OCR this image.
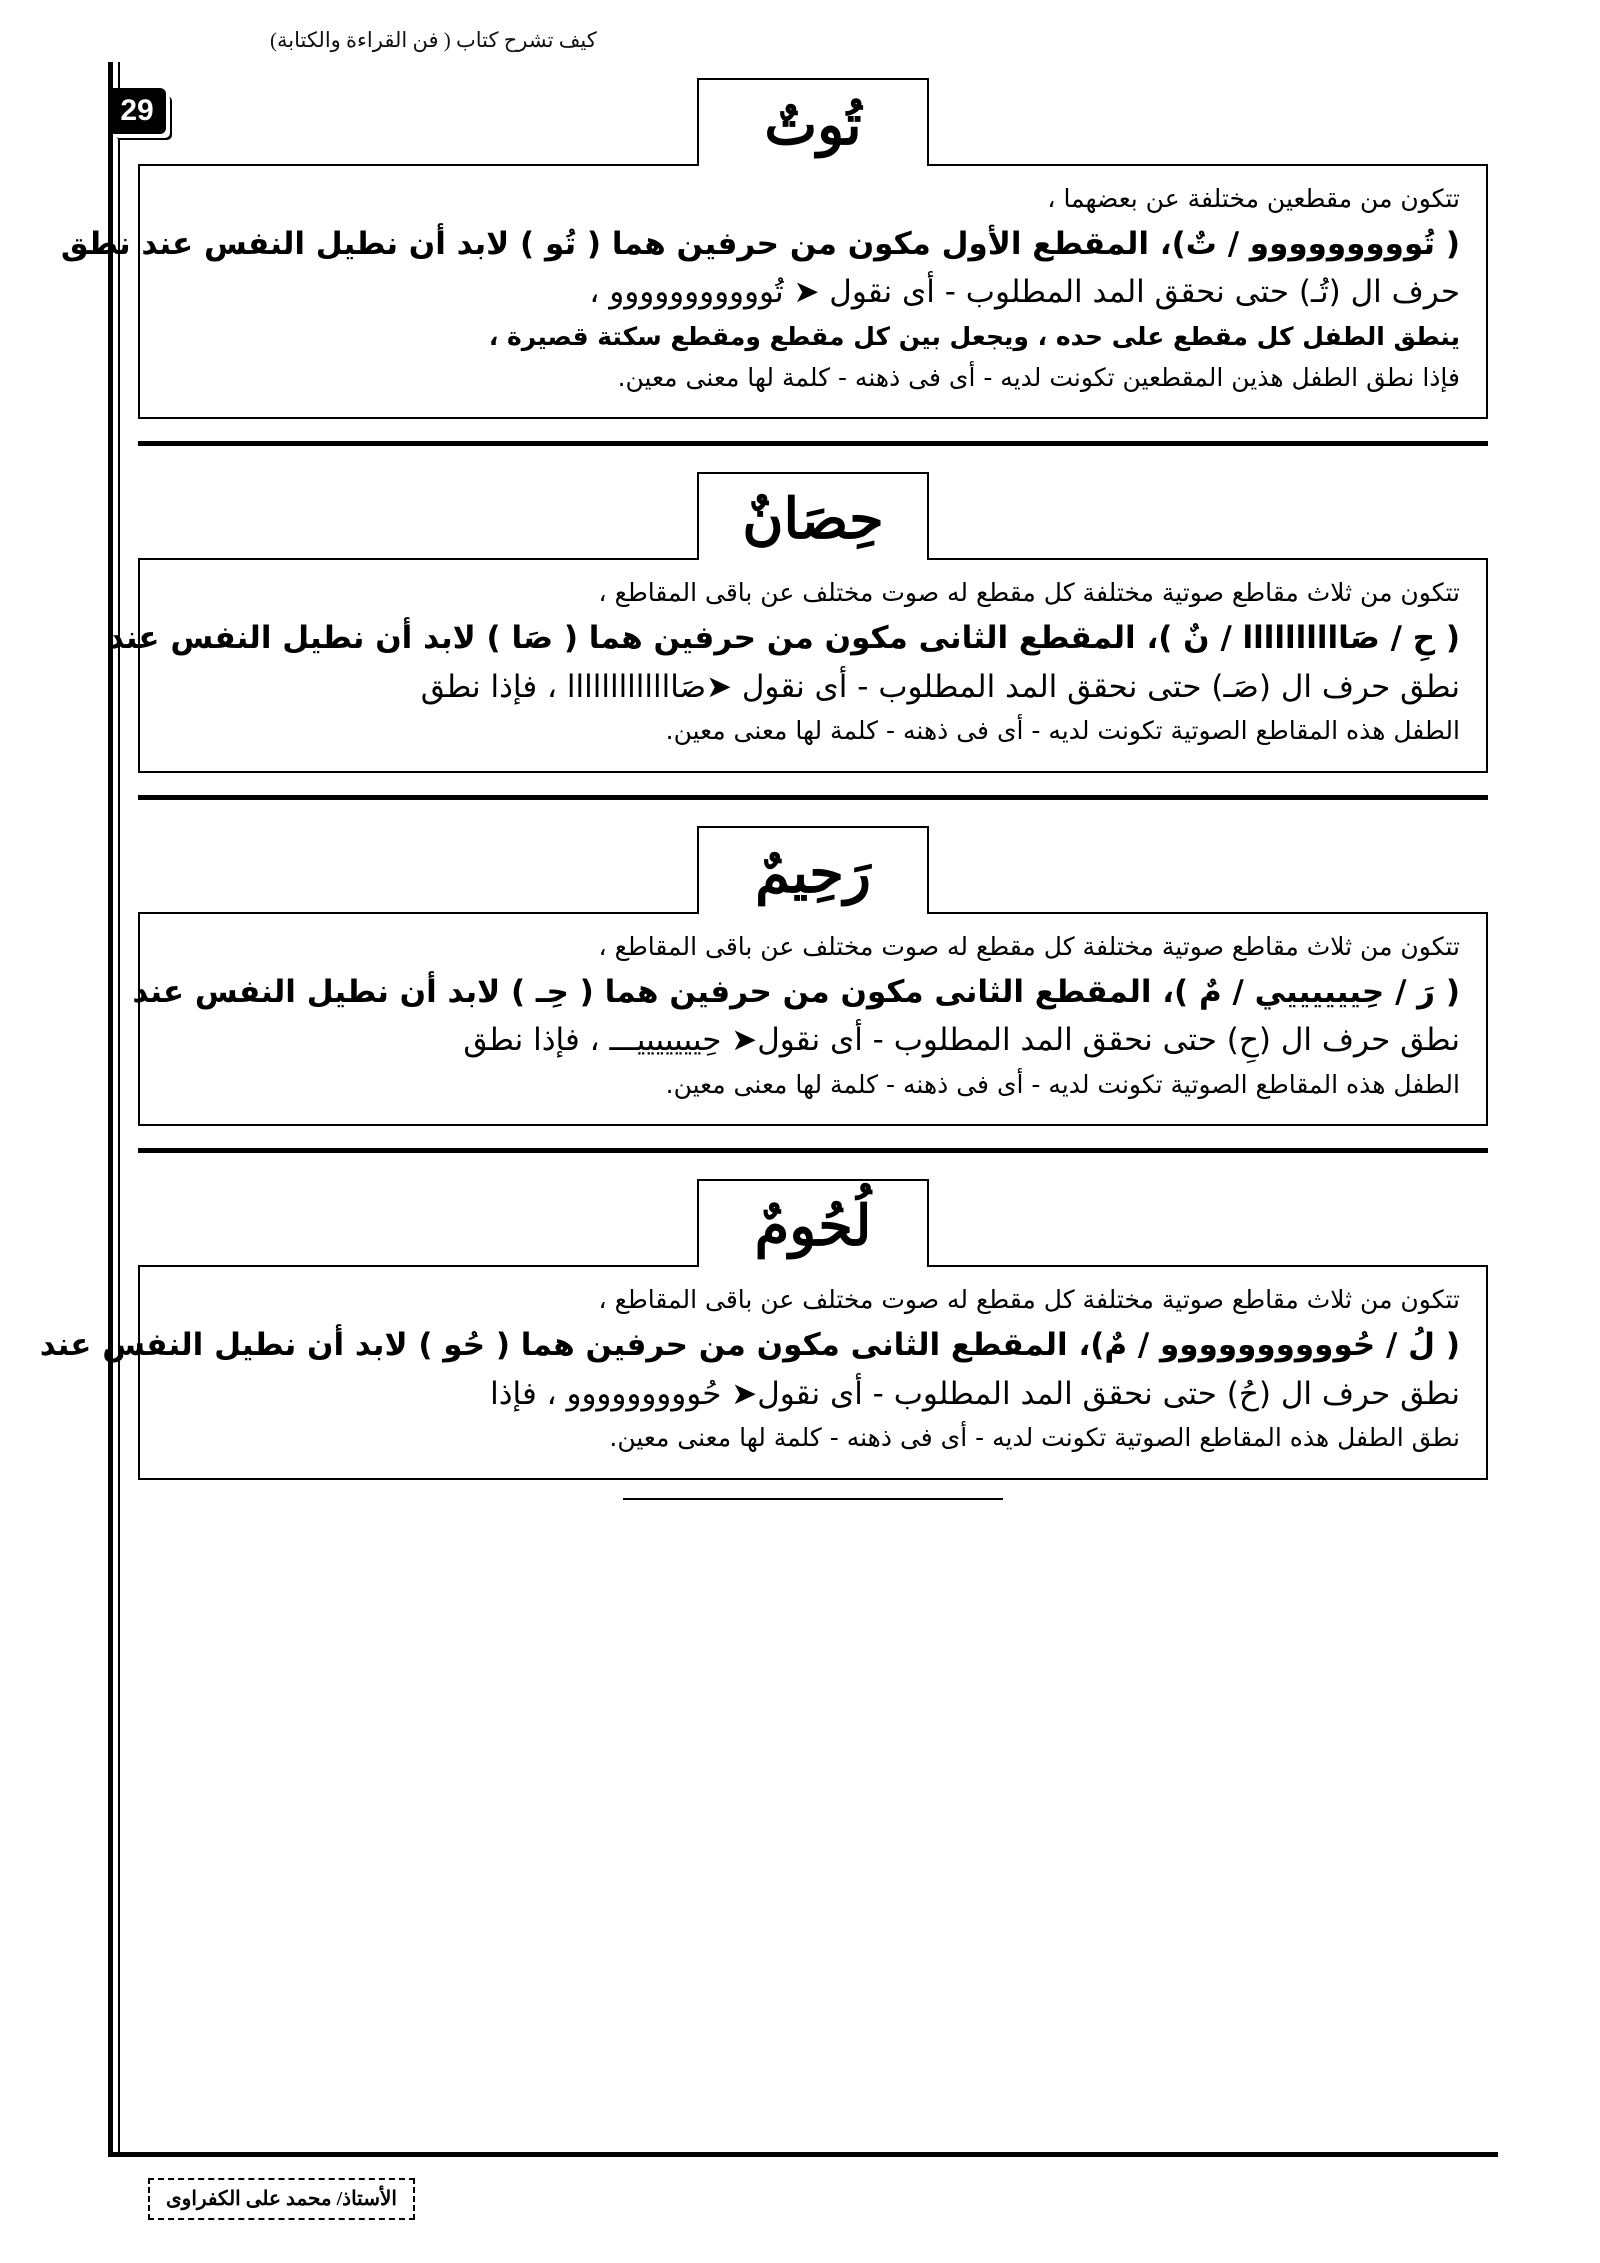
كيف تشرح كتاب ( فن القراءة والكتابة)
29	تُوتٌ

تتكون من مقطعين مختلفة عن بعضهما ،

( تُووووووووو / تٌ)، المقطع الأول مكون من حرفين هما ( تُو ) لابد أن نطيل النفس عند نطق

حرف ال (تُـ) حتى نحقق المد المطلوب - أى نقول ➤ تُووووووووووو ،

ينطق الطفل كل مقطع على حده ، ويجعل بين كل مقطع ومقطع سكتة قصيرة ،

فإذا نطق الطفل هذين المقطعين تكونت لديه - أى فى ذهنه - كلمة لها معنى معين.

حِصَانٌ

تتكون من ثلاث مقاطع صوتية مختلفة كل مقطع له صوت مختلف عن باقى المقاطع ،

( حِ / صَاااااااااا / نٌ )، المقطع الثانى مكون من حرفين هما ( صَا ) لابد أن نطيل النفس عند

نطق حرف ال (صَـ) حتى نحقق المد المطلوب - أى نقول ➤صَااااااااااااا ، فإذا نطق

الطفل هذه المقاطع الصوتية تكونت لديه - أى فى ذهنه - كلمة لها معنى معين.

رَحِيمٌ

تتكون من ثلاث مقاطع صوتية مختلفة كل مقطع له صوت مختلف عن باقى المقاطع ،

( رَ / حِييييييي / مٌ )، المقطع الثانى مكون من حرفين هما ( حِـ ) لابد أن نطيل النفس عند

نطق حرف ال (حِ) حتى نحقق المد المطلوب - أى نقول➤ حِيييييييـــ ، فإذا نطق

الطفل هذه المقاطع الصوتية تكونت لديه - أى فى ذهنه - كلمة لها معنى معين.

لُحُومٌ

تتكون من ثلاث مقاطع صوتية مختلفة كل مقطع له صوت مختلف عن باقى المقاطع ،

( لُ / حُوووووووووو / مٌ)، المقطع الثانى مكون من حرفين هما ( حُو ) لابد أن نطيل النفس عند

نطق حرف ال (حُ) حتى نحقق المد المطلوب - أى نقول➤ حُووووووووو ، فإذا

نطق الطفل هذه المقاطع الصوتية تكونت لديه - أى فى ذهنه - كلمة لها معنى معين.

الأستاذ/ محمد على الكفراوى
